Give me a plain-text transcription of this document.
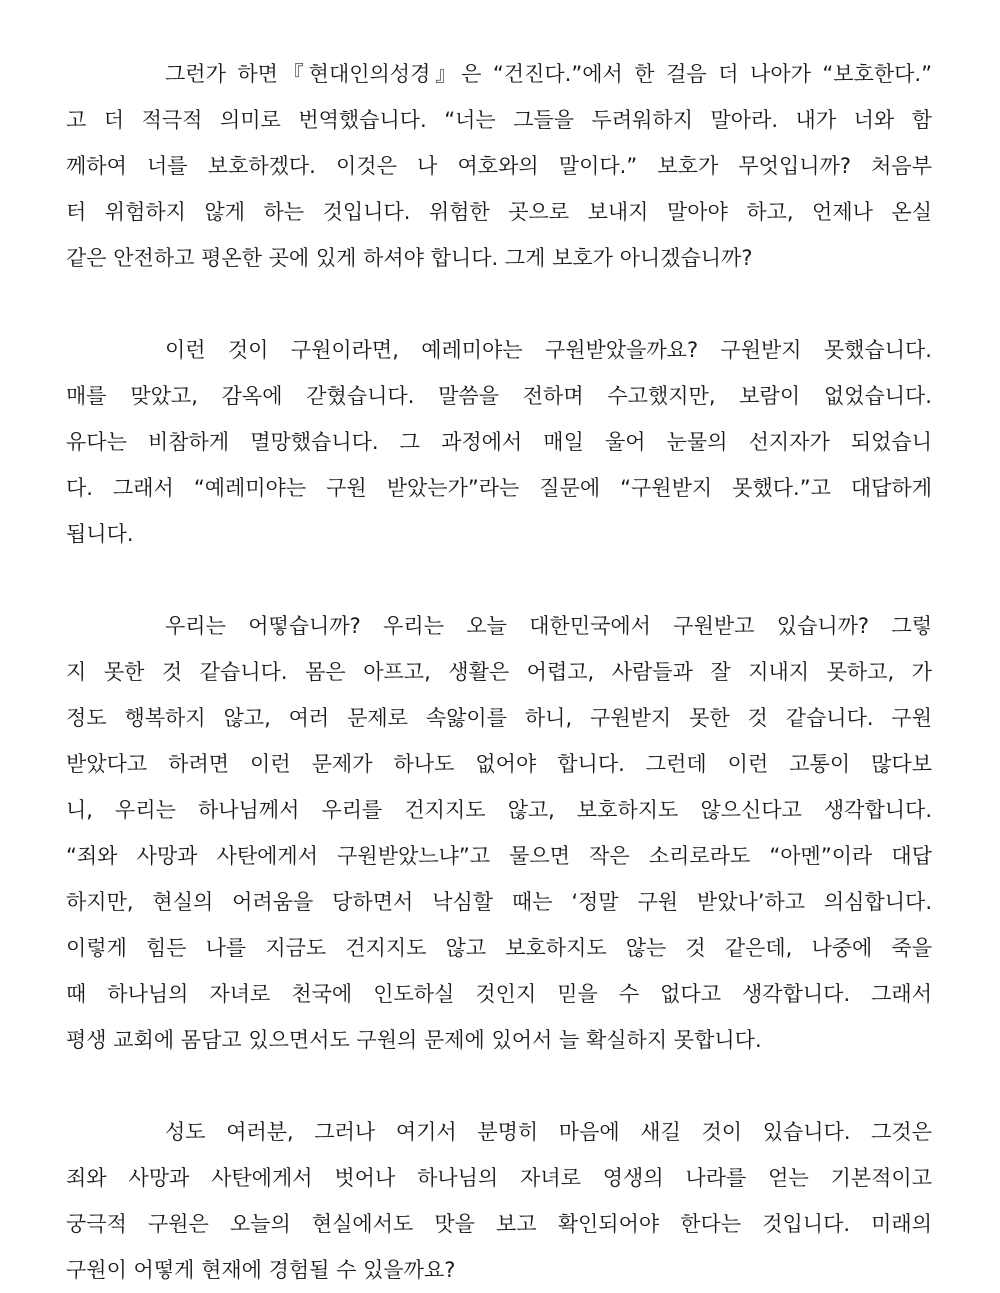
그런가 하면『현대인의성경』은 “건진다.”에서 한 걸음 더 나아가 “보호한다.”
고 더 적극적 의미로 번역했습니다. “너는 그들을 두려워하지 말아라. 내가 너와 함
께하여 너를 보호하겠다. 이것은 나 여호와의 말이다.” 보호가 무엇입니까? 처음부
터 위험하지 않게 하는 것입니다. 위험한 곳으로 보내지 말아야 하고, 언제나 온실
같은 안전하고 평온한 곳에 있게 하셔야 합니다. 그게 보호가 아니겠습니까?
이런 것이 구원이라면, 예레미야는 구원받았을까요? 구원받지 못했습니다.
매를 맞았고, 감옥에 갇혔습니다. 말씀을 전하며 수고했지만, 보람이 없었습니다.
유다는 비참하게 멸망했습니다. 그 과정에서 매일 울어 눈물의 선지자가 되었습니
다. 그래서 “예레미야는 구원 받았는가”라는 질문에 “구원받지 못했다.”고 대답하게
됩니다.
우리는 어떻습니까? 우리는 오늘 대한민국에서 구원받고 있습니까? 그렇
지 못한 것 같습니다. 몸은 아프고, 생활은 어렵고, 사람들과 잘 지내지 못하고, 가
정도 행복하지 않고, 여러 문제로 속앓이를 하니, 구원받지 못한 것 같습니다. 구원
받았다고 하려면 이런 문제가 하나도 없어야 합니다. 그런데 이런 고통이 많다보
니, 우리는 하나님께서 우리를 건지지도 않고, 보호하지도 않으신다고 생각합니다.
“죄와 사망과 사탄에게서 구원받았느냐”고 물으면 작은 소리로라도 “아멘”이라 대답
하지만, 현실의 어려움을 당하면서 낙심할 때는 ‘정말 구원 받았나’하고 의심합니다.
이렇게 힘든 나를 지금도 건지지도 않고 보호하지도 않는 것 같은데, 나중에 죽을
때 하나님의 자녀로 천국에 인도하실 것인지 믿을 수 없다고 생각합니다. 그래서
평생 교회에 몸담고 있으면서도 구원의 문제에 있어서 늘 확실하지 못합니다.
성도 여러분, 그러나 여기서 분명히 마음에 새길 것이 있습니다. 그것은
죄와 사망과 사탄에게서 벗어나 하나님의 자녀로 영생의 나라를 얻는 기본적이고
궁극적 구원은 오늘의 현실에서도 맛을 보고 확인되어야 한다는 것입니다. 미래의
구원이 어떻게 현재에 경험될 수 있을까요?
